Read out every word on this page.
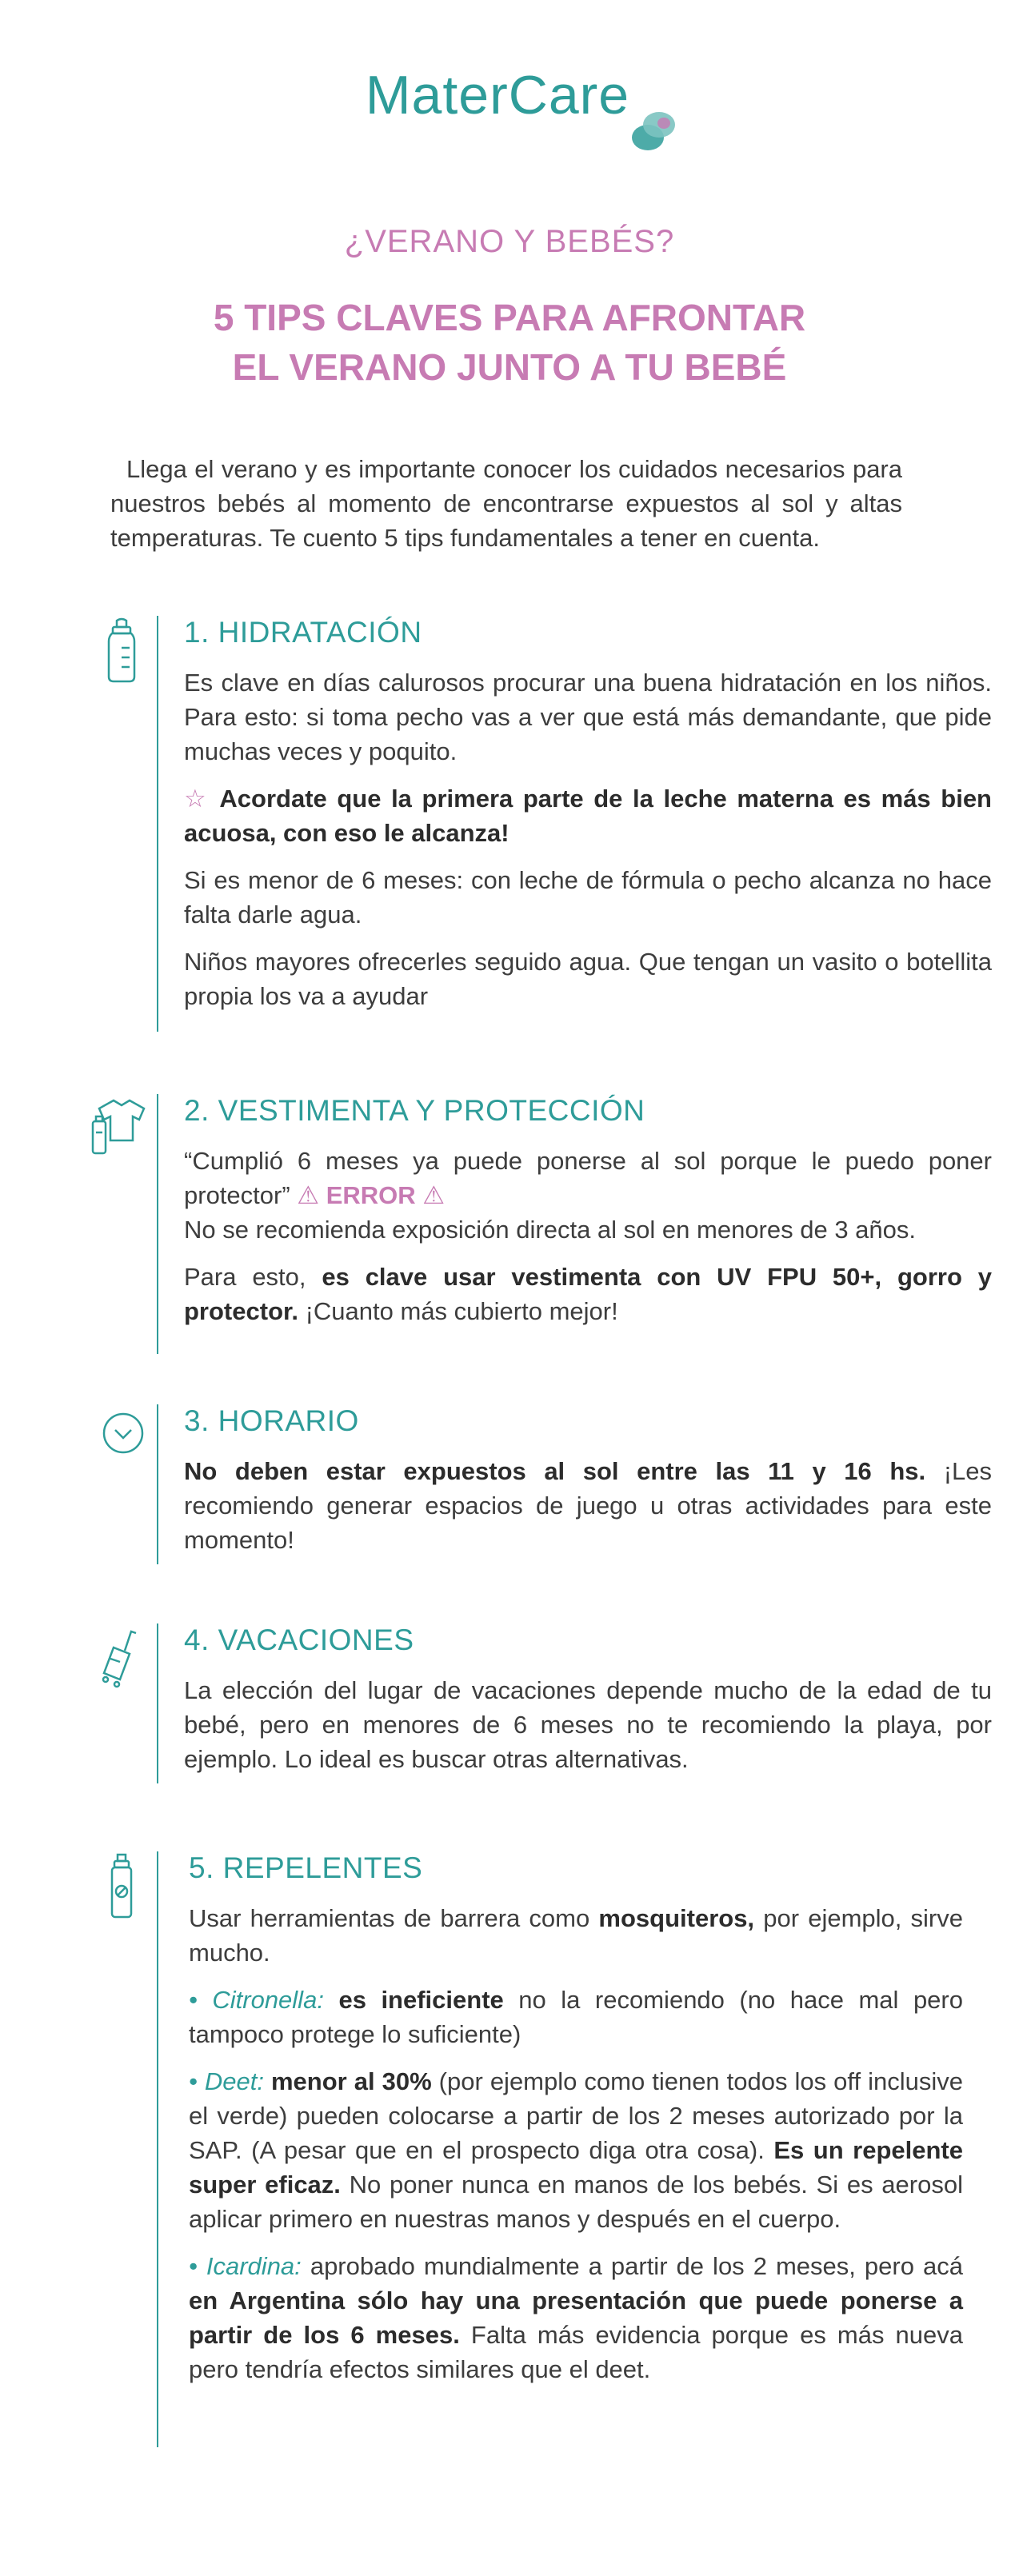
MaterCare
¿VERANO Y BEBÉS?
5 TIPS CLAVES PARA AFRONTAR
EL VERANO JUNTO A TU BEBÉ
Llega el verano y es importante conocer los cuidados necesarios para nuestros bebés al momento de encontrarse expuestos al sol y altas temperaturas. Te cuento 5 tips fundamentales a tener en cuenta.
1. HIDRATACIÓN

Es clave en días calurosos procurar una buena hidratación en los niños. Para esto: si toma pecho vas a ver que está más demandante, que pide muchas veces y poquito.

☆ Acordate que la primera parte de la leche materna es más bien acuosa, con eso le alcanza!

Si es menor de 6 meses: con leche de fórmula o pecho alcanza no hace falta darle agua.

Niños mayores ofrecerles seguido agua. Que tengan un vasito o botellita propia los va a ayudar

2. VESTIMENTA Y PROTECCIÓN

“Cumplió 6 meses ya puede ponerse al sol porque le puedo poner protector” ⚠ ERROR ⚠

No se recomienda exposición directa al sol en menores de 3 años.

Para esto, es clave usar vestimenta con UV FPU 50+, gorro y protector. ¡Cuanto más cubierto mejor!

3. HORARIO

No deben estar expuestos al sol entre las 11 y 16 hs. ¡Les recomiendo generar espacios de juego u otras actividades para este momento!

4. VACACIONES

La elección del lugar de vacaciones depende mucho de la edad de tu bebé, pero en menores de 6 meses no te recomiendo la playa, por ejemplo. Lo ideal es buscar otras alternativas.

5. REPELENTES

Usar herramientas de barrera como mosquiteros, por ejemplo, sirve mucho.

• Citronella: es ineficiente no la recomiendo (no hace mal pero tampoco protege lo suficiente)

• Deet: menor al 30% (por ejemplo como tienen todos los off inclusive el verde) pueden colocarse a partir de los 2 meses autorizado por la SAP. (A pesar que en el prospecto diga otra cosa). Es un repelente super eficaz. No poner nunca en manos de los bebés. Si es aerosol aplicar primero en nuestras manos y después en el cuerpo.

• Icardina: aprobado mundialmente a partir de los 2 meses, pero acá en Argentina sólo hay una presentación que puede ponerse a partir de los 6 meses. Falta más evidencia porque es más nueva pero tendría efectos similares que el deet.
